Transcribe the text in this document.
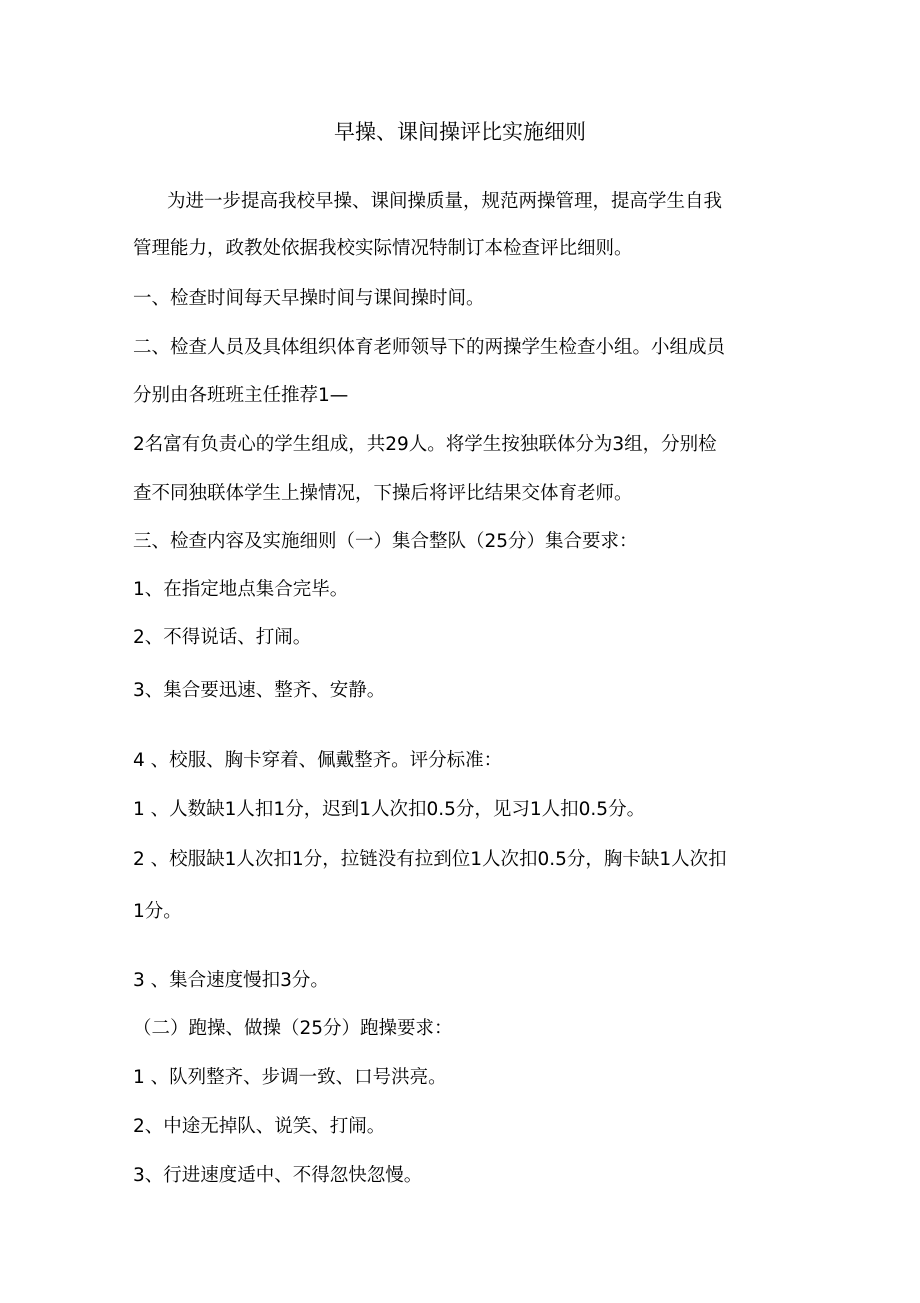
早操、课间操评比实施细则
为进一步提高我校早操、课间操质量，规范两操管理，提高学生自我
管理能力，政教处依据我校实际情况特制订本检查评比细则。
一、检查时间每天早操时间与课间操时间。
二、检查人员及具体组织体育老师领导下的两操学生检查小组。小组成员
分别由各班班主任推荐1—
2名富有负责心的学生组成，共29人。将学生按独联体分为3组，分别检
查不同独联体学生上操情况，下操后将评比结果交体育老师。
三、检查内容及实施细则（一）集合整队（25分）集合要求：
1、在指定地点集合完毕。
2、不得说话、打闹。
3、集合要迅速、整齐、安静。
4 、校服、胸卡穿着、佩戴整齐。评分标准：
1 、人数缺1人扣1分，迟到1人次扣0.5分，见习1人扣0.5分。
2 、校服缺1人次扣1分，拉链没有拉到位1人次扣0.5分，胸卡缺1人次扣
1分。
3 、集合速度慢扣3分。
（二）跑操、做操（25分）跑操要求：
1 、队列整齐、步调一致、口号洪亮。
2、中途无掉队、说笑、打闹。
3、行进速度适中、不得忽快忽慢。
